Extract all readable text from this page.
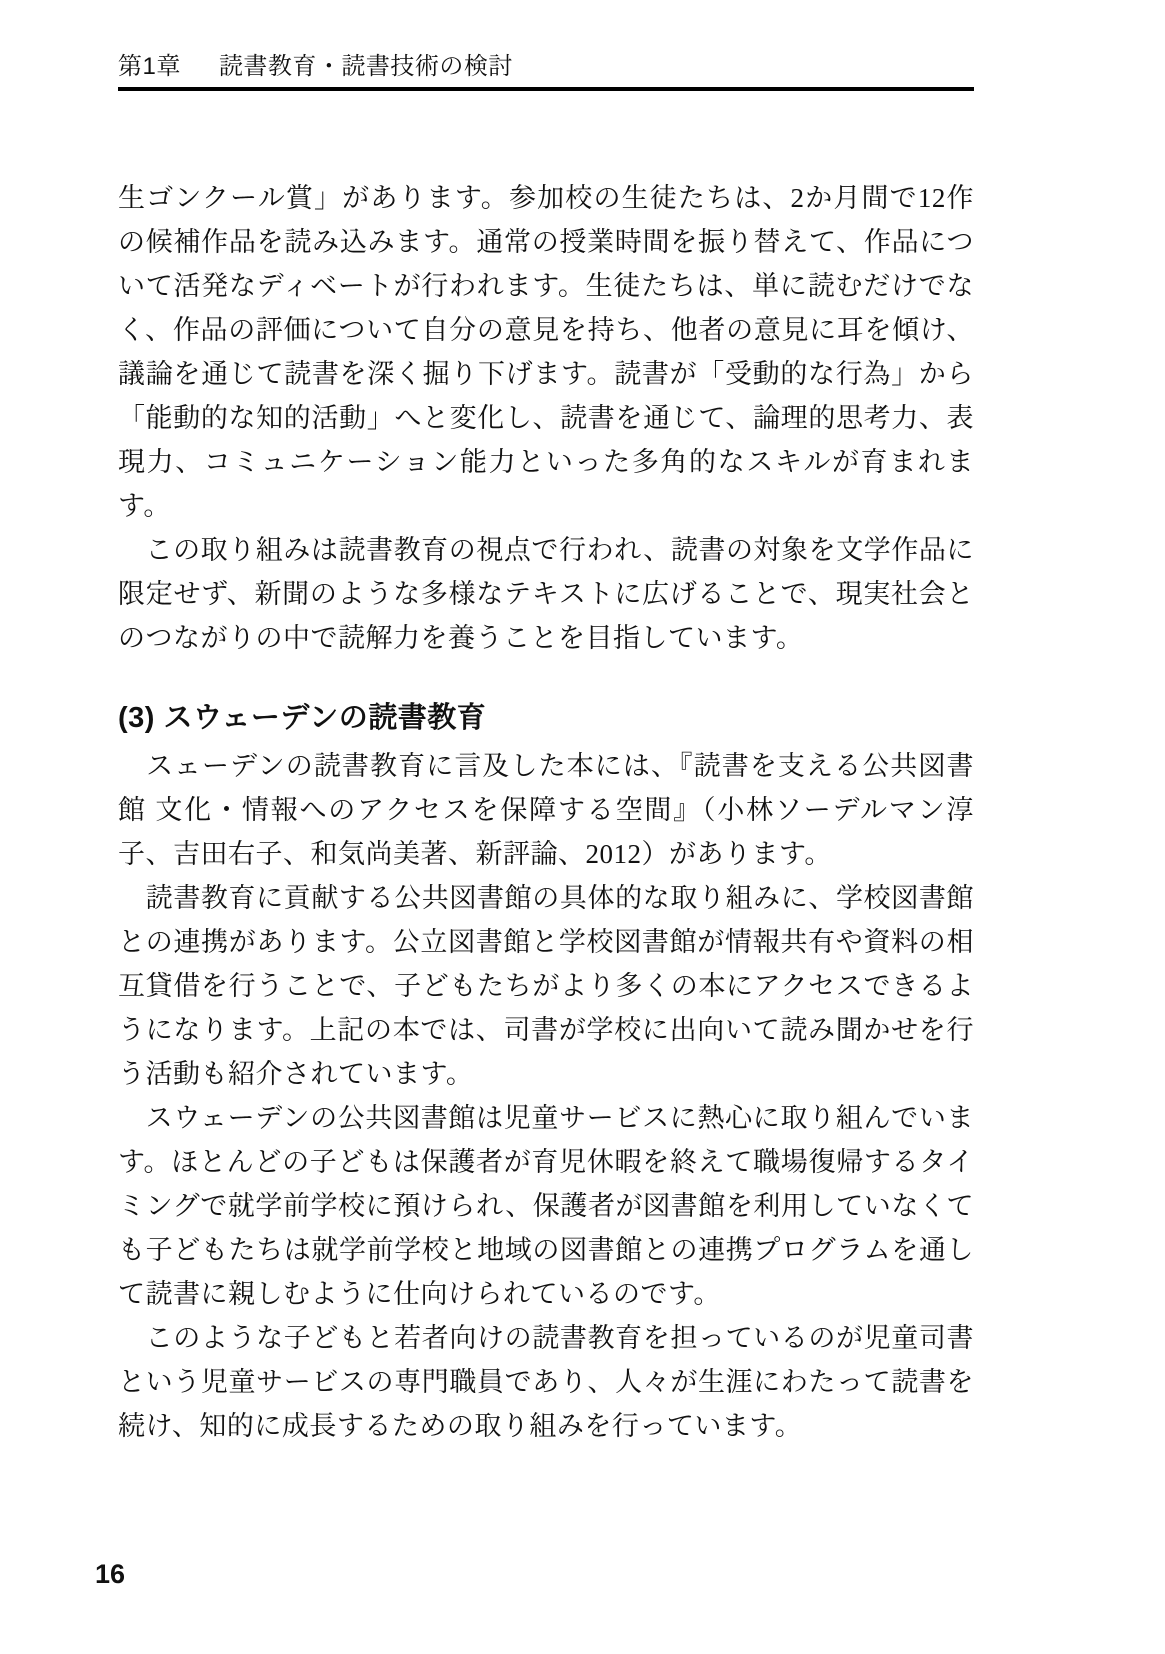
第1章 読書教育・読書技術の検討

生ゴンクール賞」があります。参加校の生徒たちは、2か月間で12作の候補作品を読み込みます。通常の授業時間を振り替えて、作品について活発なディベートが行われます。生徒たちは、単に読むだけでなく、作品の評価について自分の意見を持ち、他者の意見に耳を傾け、議論を通じて読書を深く掘り下げます。読書が「受動的な行為」から「能動的な知的活動」へと変化し、読書を通じて、論理的思考力、表現力、コミュニケーション能力といった多角的なスキルが育まれます。

　この取り組みは読書教育の視点で行われ、読書の対象を文学作品に限定せず、新聞のような多様なテキストに広げることで、現実社会とのつながりの中で読解力を養うことを目指しています。

(3) スウェーデンの読書教育

　スェーデンの読書教育に言及した本には、『読書を支える公共図書館 文化・情報へのアクセスを保障する空間』（小林ソーデルマン淳子、吉田右子、和気尚美著、新評論、2012）があります。

　読書教育に貢献する公共図書館の具体的な取り組みに、学校図書館との連携があります。公立図書館と学校図書館が情報共有や資料の相互貸借を行うことで、子どもたちがより多くの本にアクセスできるようになります。上記の本では、司書が学校に出向いて読み聞かせを行う活動も紹介されています。

　スウェーデンの公共図書館は児童サービスに熱心に取り組んでいます。ほとんどの子どもは保護者が育児休暇を終えて職場復帰するタイミングで就学前学校に預けられ、保護者が図書館を利用していなくても子どもたちは就学前学校と地域の図書館との連携プログラムを通して読書に親しむように仕向けられているのです。

　このような子どもと若者向けの読書教育を担っているのが児童司書という児童サービスの専門職員であり、人々が生涯にわたって読書を続け、知的に成長するための取り組みを行っています。

16
